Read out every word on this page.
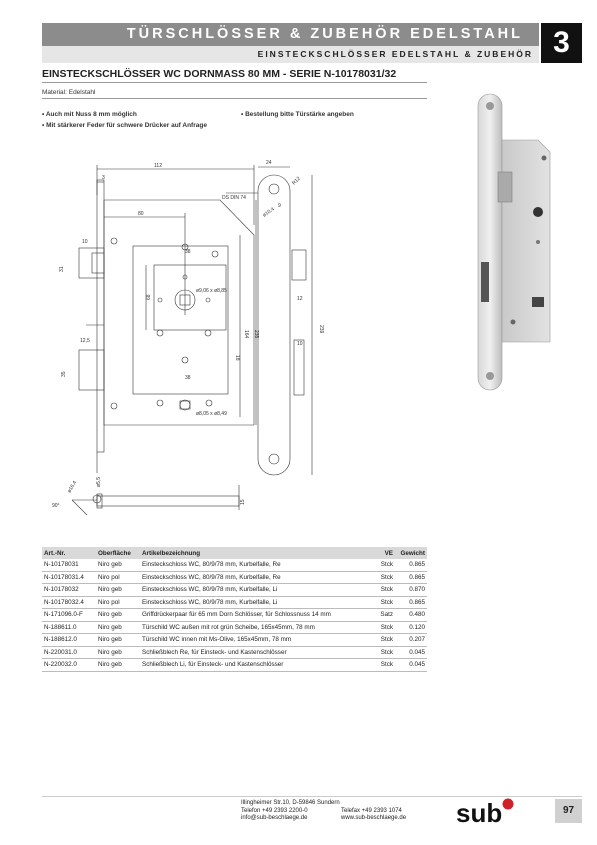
TÜRSCHLÖSSER & ZUBEHÖR EDELSTAHL
EINSTECKSCHLÖSSER EDELSTAHL & ZUBEHÖR 3
EINSTECKSCHLÖSSER WC DORNMASS 80 MM - SERIE N-10178031/32
Material: Edelstahl
• Auch mit Nuss 8 mm möglich
• Mit stärkerer Feder für schwere Drücker auf Anfrage
• Bestellung bitte Türstärke angeben
112
3
80
10
31
38
68
ø9,06 x ø8,85
164 235
18
12,5
35
38
ø8,05 x ø8,49
24
DS DIN 74
R12
ø10,4
9
12
10
239
ø5,5
ø16,4
90°
15
Art.-Nr.	Oberfläche	Artikelbezeichnung	VE	Gewicht
N-10178031	Niro geb	Einsteckschloss WC, 80/9/78 mm, Kurbelfalle, Re	Stck	0.865
N-10178031.4	Niro pol	Einsteckschloss WC, 80/9/78 mm, Kurbelfalle, Re	Stck	0.865
N-10178032	Niro geb	Einsteckschloss WC, 80/9/78 mm, Kurbelfalle, Li	Stck	0.870
N-10178032.4	Niro pol	Einsteckschloss WC, 80/9/78 mm, Kurbelfalle, Li	Stck	0.865
N-171096.0-F	Niro geb	Griffdrückerpaar für 65 mm Dorn Schlösser, für Schlossnuss 14 mm	Satz	0.480
N-188611.0	Niro geb	Türschild WC außen mit rot grün Scheibe, 165x45mm, 78 mm	Stck	0.120
N-188612.0	Niro geb	Türschild WC innen mit Ms-Olive, 165x45mm, 78 mm	Stck	0.207
N-220031.0	Niro geb	Schließblech Re, für Einsteck- und Kastenschlösser	Stck	0.045
N-220032.0	Niro geb	Schließblech Li, für Einsteck- und Kastenschlösser	Stck	0.045
Illingheimer Str.10, D-59846 Sundern
Telefon +49 2393 2200-0
info@sub-beschlaege.de
Telefax +49 2393 1074
www.sub-beschlaege.de sub	97
